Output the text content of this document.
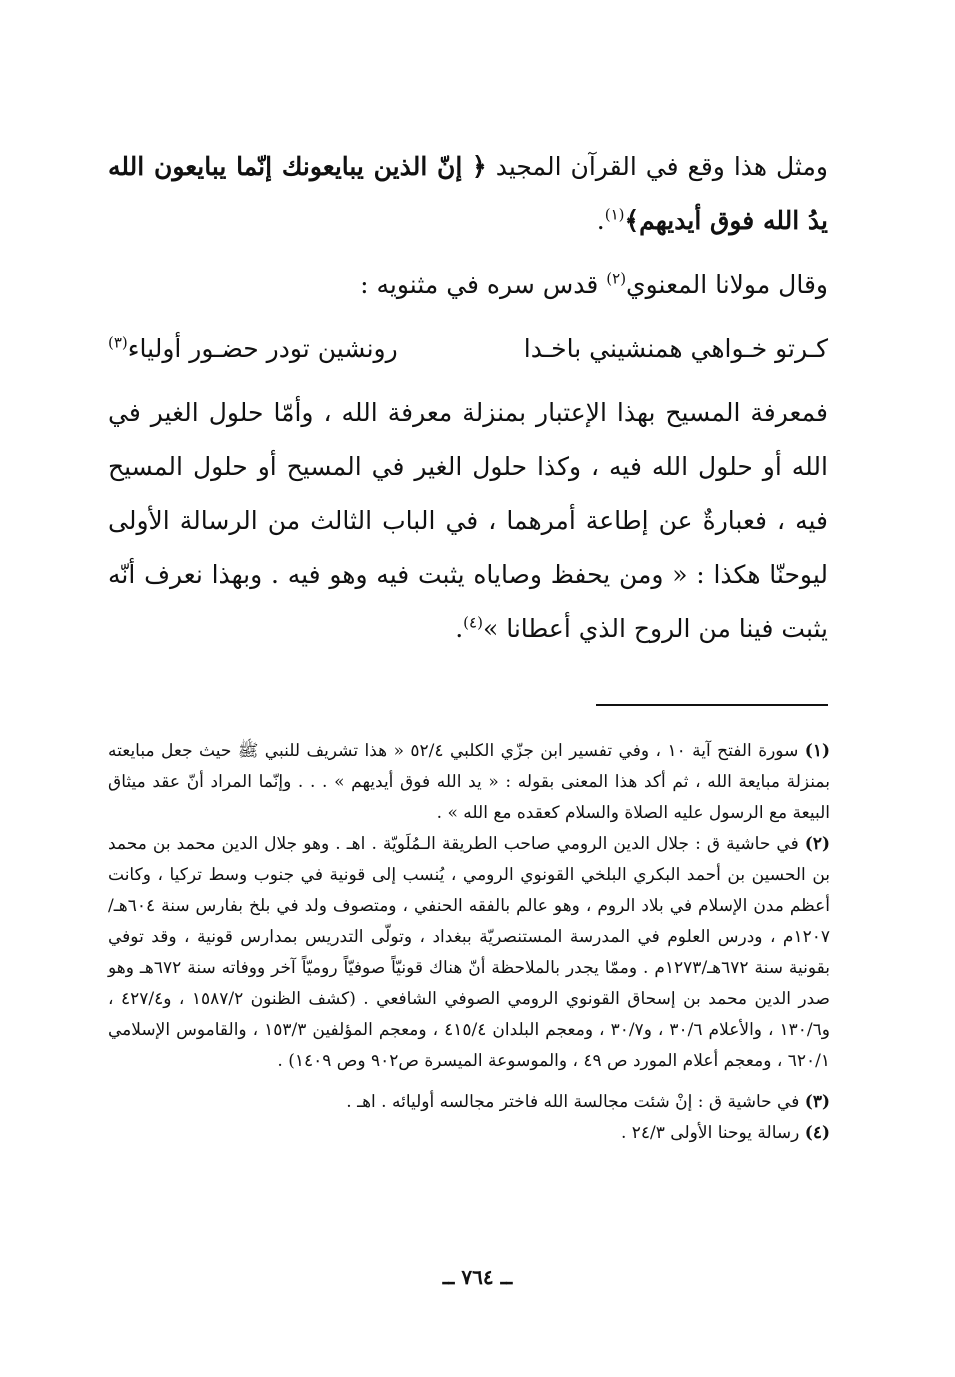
ومثل هذا وقع في القرآن المجيد ﴿ إنّ الذين يبايعونك إنّما يبايعون الله يدُ الله فوق أيديهم﴾$^{(١)}$.

وقال مولانا المعنوي$^{(٢)}$ قدس سره في مثنويه :

كـرتو خـواهي همنشيني باخـدا
رونشين تودر حضـور أولياء$^{(٣)}$

فمعرفة المسيح بهذا الإعتبار بمنزلة معرفة الله ، وأمّا حلول الغير في الله أو حلول الله فيه ، وكذا حلول الغير في المسيح أو حلول المسيح فيه ، فعبارةٌ عن إطاعة أمرهما ، في الباب الثالث من الرسالة الأولى ليوحنّا هكذا : « ومن يحفظ وصاياه يثبت فيه وهو فيه . وبهذا نعرف أنّه يثبت فينا من الروح الذي أعطانا »$^{(٤)}$.

(١) سورة الفتح آية ١٠ ، وفي تفسير ابن جزّي الكلبي ٥٢/٤ « هذا تشريف للنبي ﷺ حيث جعل مبايعته بمنزلة مبايعة الله ، ثم أكد هذا المعنى بقوله : « يد الله فوق أيديهم » . . . وإنّما المراد أنّ عقد ميثاق البيعة مع الرسول عليه الصلاة والسلام كعقده مع الله » .

(٢) في حاشية ق : جلال الدين الرومي صاحب الطريقة الـمُلَويّة . اهـ . وهو جلال الدين محمد بن محمد بن الحسين بن أحمد البكري البلخي القونوي الرومي ، يُنسب إلى قونية في جنوب وسط تركيا ، وكانت أعظم مدن الإسلام في بلاد الروم ، وهو عالم بالفقه الحنفي ، ومتصوف ولد في بلخ بفارس سنة ٦٠٤هـ/١٢٠٧م ، ودرس العلوم في المدرسة المستنصريّة ببغداد ، وتولّى التدريس بمدارس قونية ، وقد توفي بقونية سنة ٦٧٢هـ/١٢٧٣م . وممّا يجدر بالملاحظة أنّ هناك قونيّاً صوفيّاً روميّاً آخر ووفاته سنة ٦٧٢هـ وهو صدر الدين محمد بن إسحاق القونوي الرومي الصوفي الشافعي . (كشف الظنون ١٥٨٧/٢ ، و٤٢٧/٤ ، و١٣٠/٦ ، والأعلام ٣٠/٦ ، و٣٠/٧ ، ومعجم البلدان ٤١٥/٤ ، ومعجم المؤلفين ١٥٣/٣ ، والقاموس الإسلامي ٦٢٠/١ ، ومعجم أعلام المورد ص ٤٩ ، والموسوعة الميسرة ص٩٠٢ وص ١٤٠٩) .

(٣) في حاشية ق : إنْ شئت مجالسة الله فاختر مجالسه أوليائه . اهـ .

(٤) رسالة يوحنا الأولى ٢٤/٣ .

ــ ٧٦٤ ــ
